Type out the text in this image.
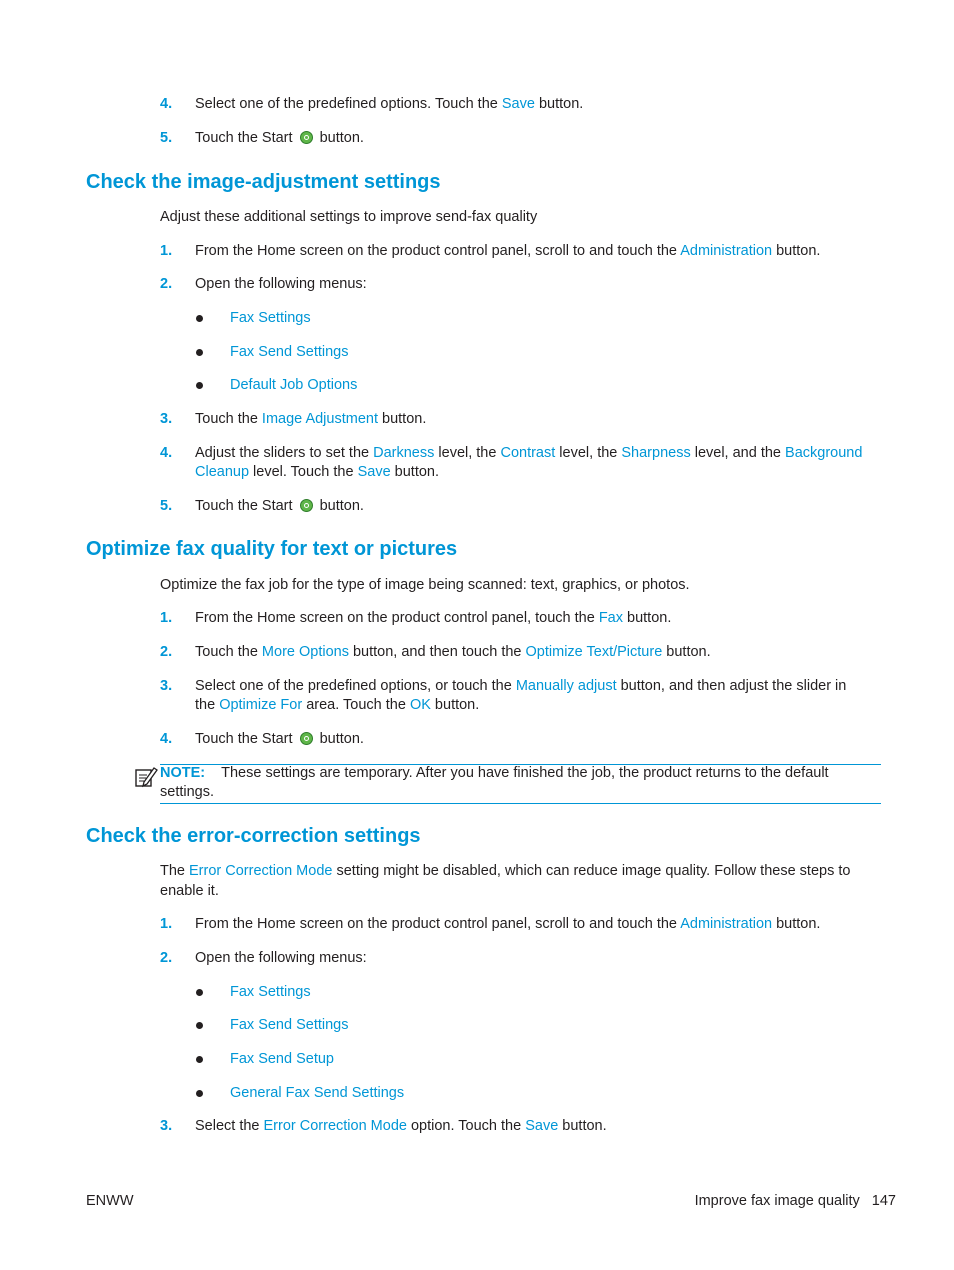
4. Select one of the predefined options. Touch the Save button.
5. Touch the Start  button.
Check the image-adjustment settings
Adjust these additional settings to improve send-fax quality
1. From the Home screen on the product control panel, scroll to and touch the Administration button.
2. Open the following menus:
Fax Settings
Fax Send Settings
Default Job Options
3. Touch the Image Adjustment button.
4. Adjust the sliders to set the Darkness level, the Contrast level, the Sharpness level, and the Background
Cleanup level. Touch the Save button.
5. Touch the Start  button.
Optimize fax quality for text or pictures
Optimize the fax job for the type of image being scanned: text, graphics, or photos.
1. From the Home screen on the product control panel, touch the Fax button.
2. Touch the More Options button, and then touch the Optimize Text/Picture button.
3. Select one of the predefined options, or touch the Manually adjust button, and then adjust the slider in
the Optimize For area. Touch the OK button.
4. Touch the Start  button.
NOTE: These settings are temporary. After you have finished the job, the product returns to the default
settings.
Check the error-correction settings
The Error Correction Mode setting might be disabled, which can reduce image quality. Follow these steps to
enable it.
1. From the Home screen on the product control panel, scroll to and touch the Administration button.
2. Open the following menus:
Fax Settings
Fax Send Settings
Fax Send Setup
General Fax Send Settings
3. Select the Error Correction Mode option. Touch the Save button.
ENWW	Improve fax image quality 147
